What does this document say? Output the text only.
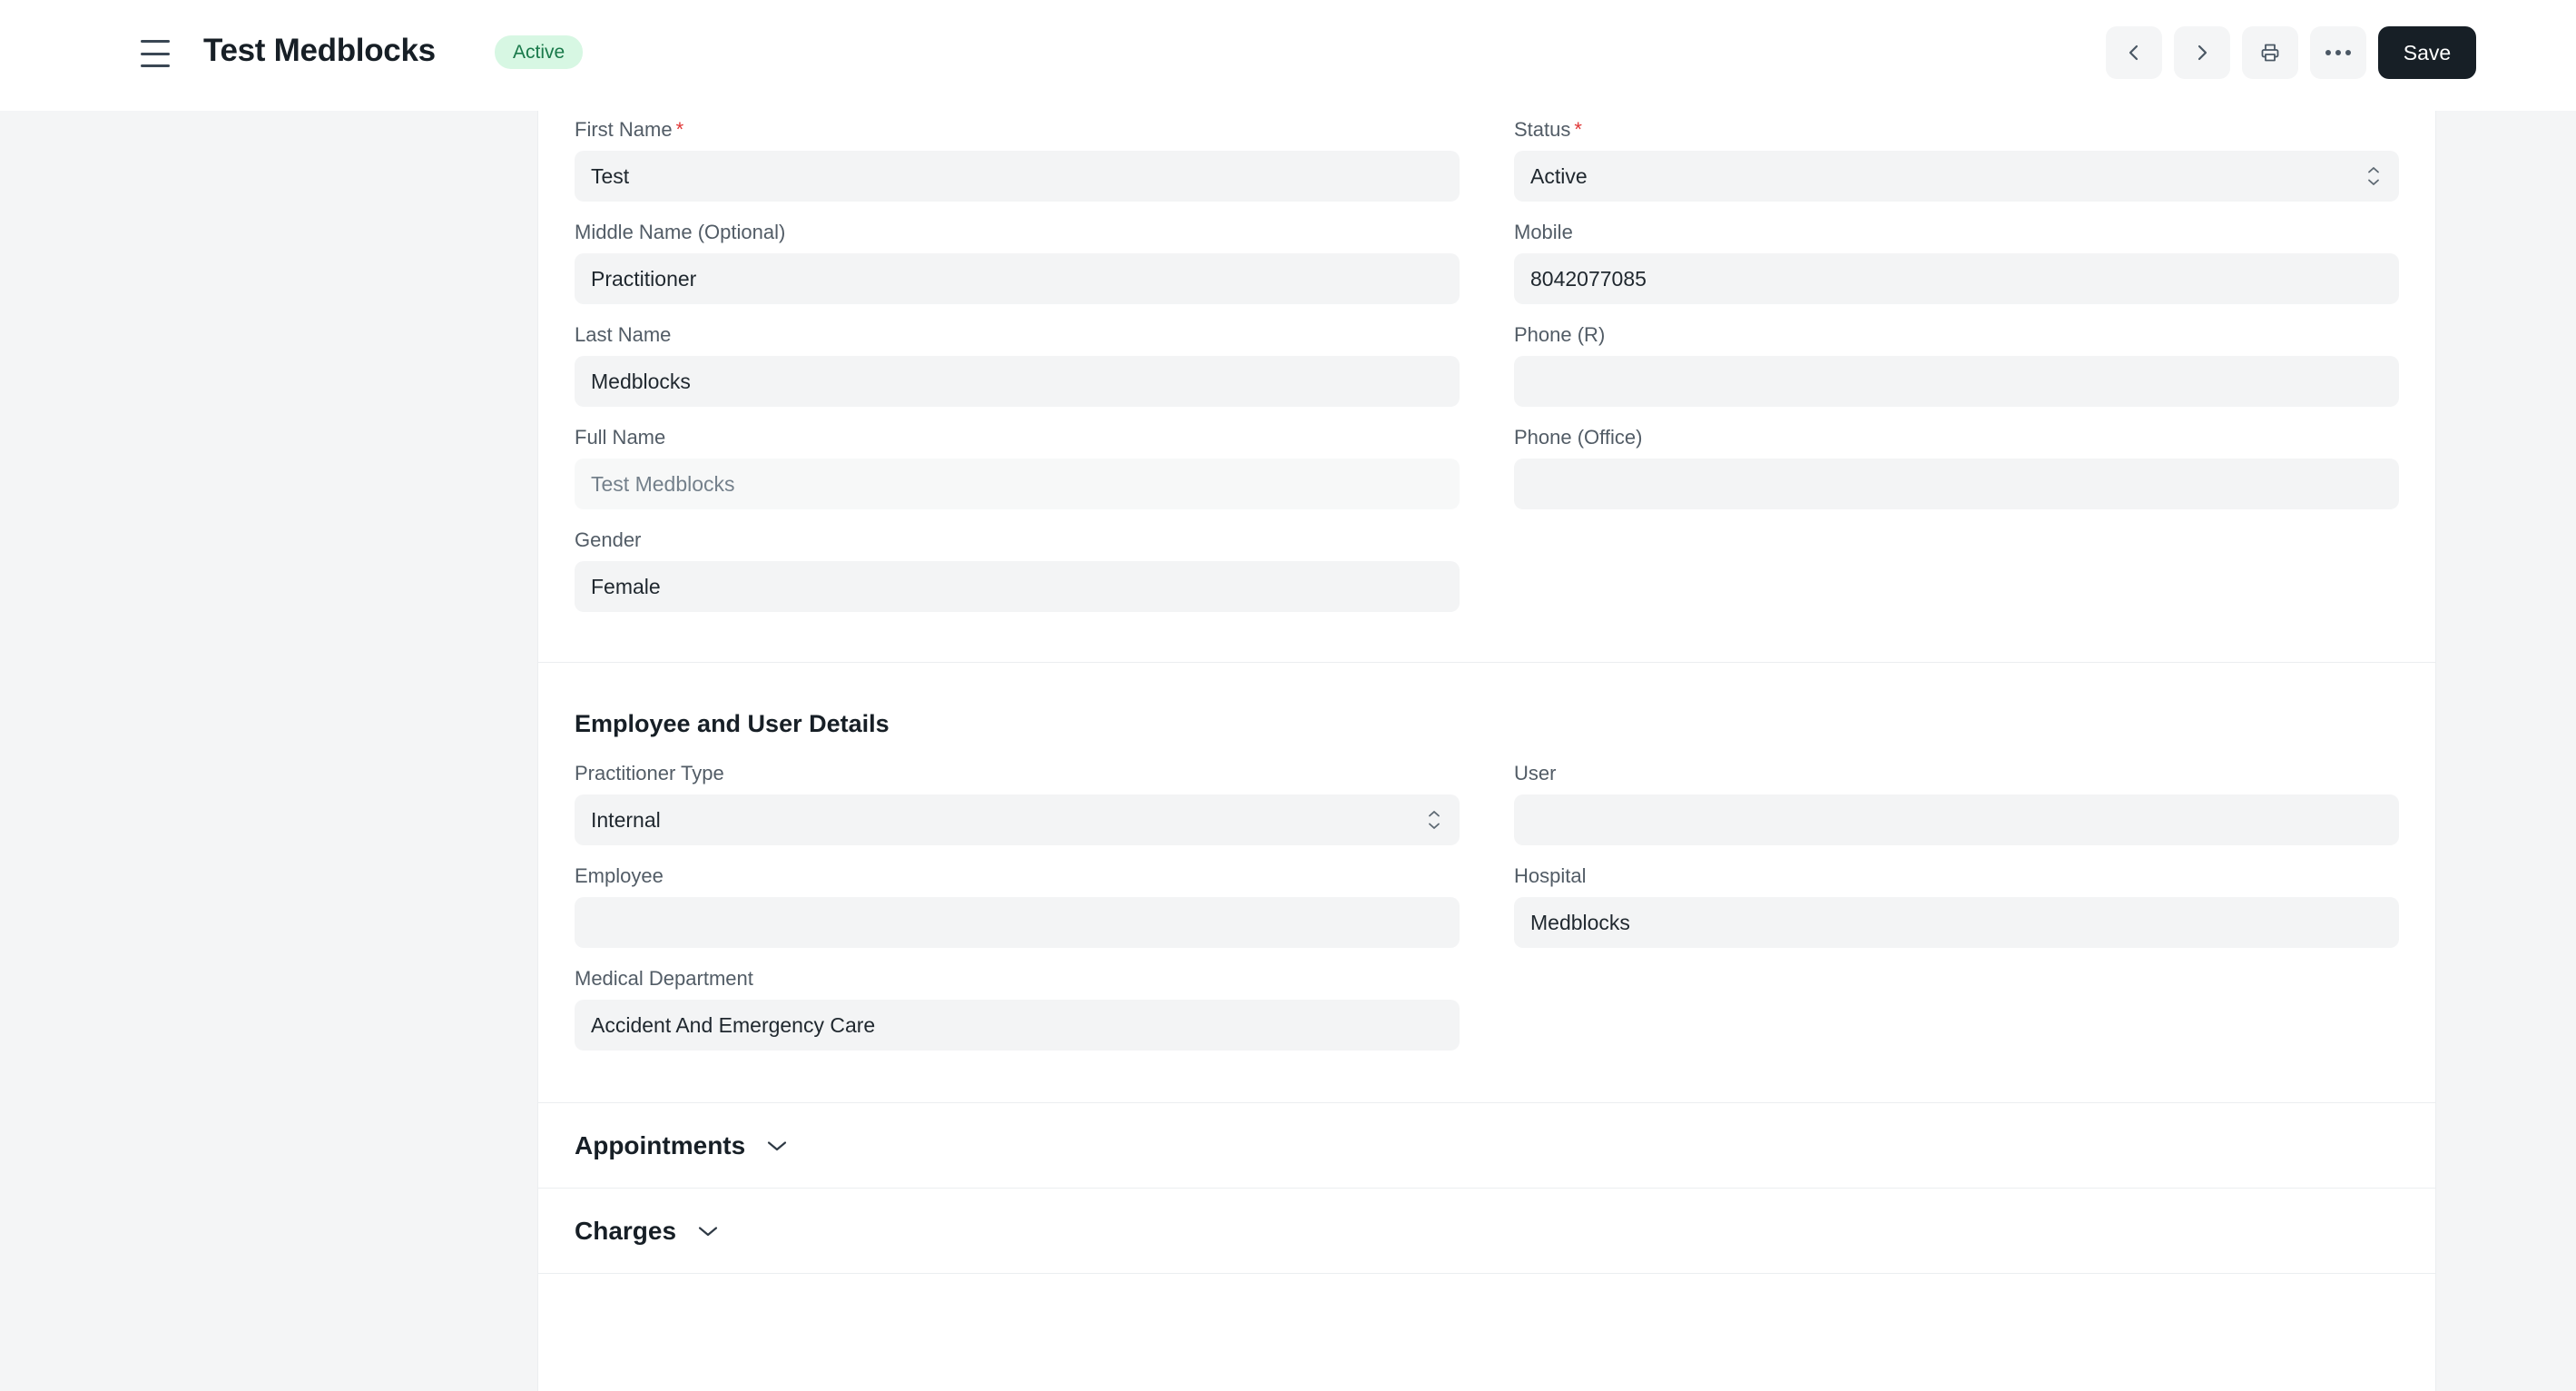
Test Medblocks	Active	Save
First Name *
Test
Middle Name (Optional)
Practitioner
Last Name
Medblocks
Full Name
Test Medblocks
Gender
Female
Status *
Active
Mobile
8042077085
Phone (R)
Phone (Office)
Employee and User Details
Practitioner Type
Internal
Employee
Medical Department
Accident And Emergency Care
User
Hospital
Medblocks
Appointments
Charges
